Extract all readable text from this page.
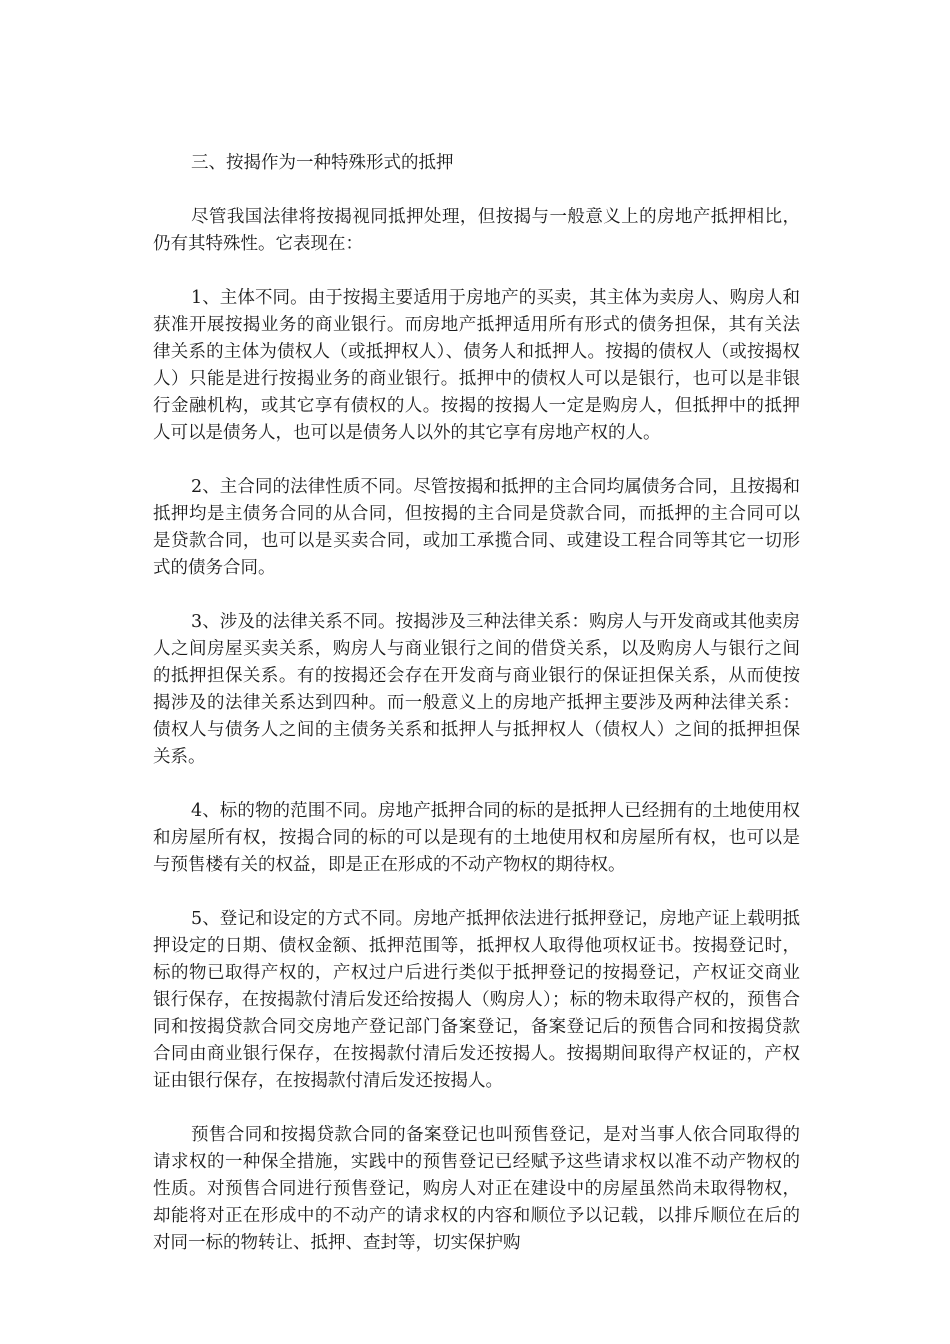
三、按揭作为一种特殊形式的抵押

尽管我国法律将按揭视同抵押处理，但按揭与一般意义上的房地产抵押相比，仍有其特殊性。它表现在：

1、主体不同。由于按揭主要适用于房地产的买卖，其主体为卖房人、购房人和获准开展按揭业务的商业银行。而房地产抵押适用所有形式的债务担保，其有关法律关系的主体为债权人（或抵押权人）、债务人和抵押人。按揭的债权人（或按揭权人）只能是进行按揭业务的商业银行。抵押中的债权人可以是银行，也可以是非银行金融机构，或其它享有债权的人。按揭的按揭人一定是购房人，但抵押中的抵押人可以是债务人，也可以是债务人以外的其它享有房地产权的人。

2、主合同的法律性质不同。尽管按揭和抵押的主合同均属债务合同，且按揭和抵押均是主债务合同的从合同，但按揭的主合同是贷款合同，而抵押的主合同可以是贷款合同，也可以是买卖合同，或加工承揽合同、或建设工程合同等其它一切形式的债务合同。

3、涉及的法律关系不同。按揭涉及三种法律关系：购房人与开发商或其他卖房人之间房屋买卖关系，购房人与商业银行之间的借贷关系，以及购房人与银行之间的抵押担保关系。有的按揭还会存在开发商与商业银行的保证担保关系，从而使按揭涉及的法律关系达到四种。而一般意义上的房地产抵押主要涉及两种法律关系：债权人与债务人之间的主债务关系和抵押人与抵押权人（债权人）之间的抵押担保关系。

4、标的物的范围不同。房地产抵押合同的标的是抵押人已经拥有的土地使用权和房屋所有权，按揭合同的标的可以是现有的土地使用权和房屋所有权，也可以是与预售楼有关的权益，即是正在形成的不动产物权的期待权。

5、登记和设定的方式不同。房地产抵押依法进行抵押登记，房地产证上载明抵押设定的日期、债权金额、抵押范围等，抵押权人取得他项权证书。按揭登记时，标的物已取得产权的，产权过户后进行类似于抵押登记的按揭登记，产权证交商业银行保存，在按揭款付清后发还给按揭人（购房人）；标的物未取得产权的，预售合同和按揭贷款合同交房地产登记部门备案登记，备案登记后的预售合同和按揭贷款合同由商业银行保存，在按揭款付清后发还按揭人。按揭期间取得产权证的，产权证由银行保存，在按揭款付清后发还按揭人。

预售合同和按揭贷款合同的备案登记也叫预售登记，是对当事人依合同取得的请求权的一种保全措施，实践中的预售登记已经赋予这些请求权以准不动产物权的性质。对预售合同进行预售登记，购房人对正在建设中的房屋虽然尚未取得物权，却能将对正在形成中的不动产的请求权的内容和顺位予以记载，以排斥顺位在后的对同一标的物转让、抵押、查封等，切实保护购
